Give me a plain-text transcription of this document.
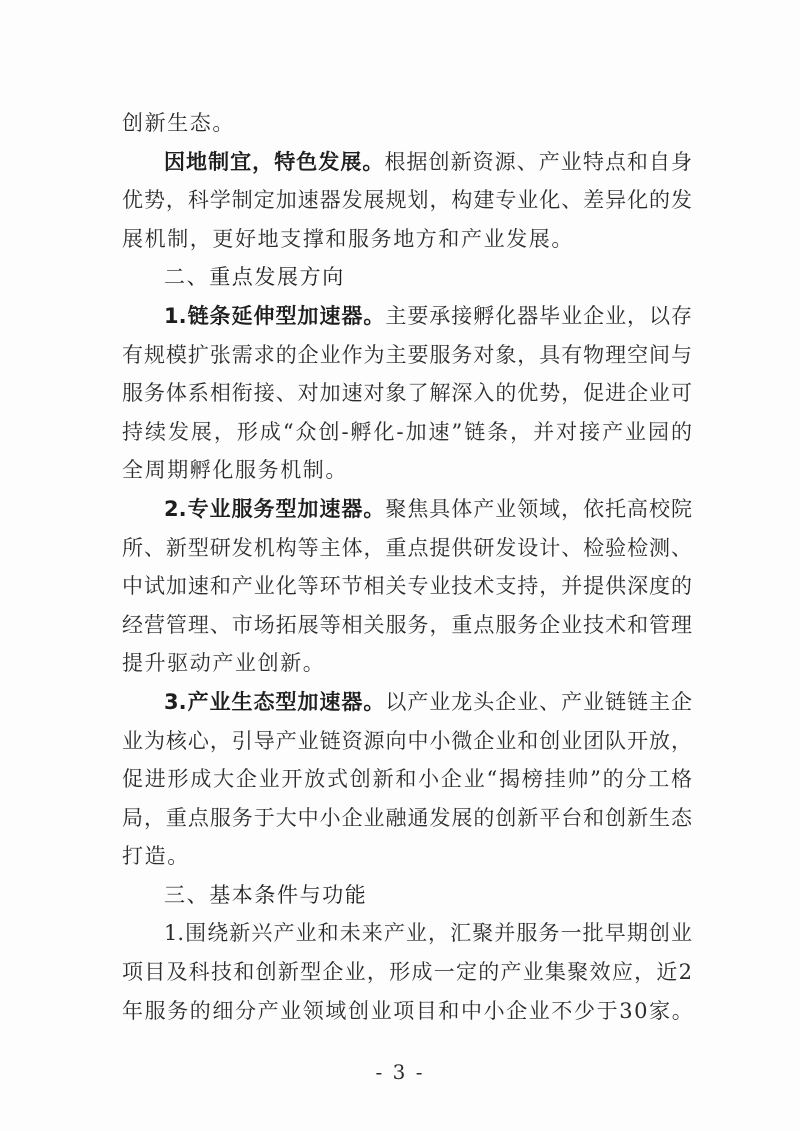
创新生态。
因地制宜，特色发展。根据创新资源、产业特点和自身
优势，科学制定加速器发展规划，构建专业化、差异化的发
展机制，更好地支撑和服务地方和产业发展。
二、重点发展方向
1.链条延伸型加速器。主要承接孵化器毕业企业，以存
有规模扩张需求的企业作为主要服务对象，具有物理空间与
服务体系相衔接、对加速对象了解深入的优势，促进企业可
持续发展，形成“众创-孵化-加速”链条，并对接产业园的
全周期孵化服务机制。
2.专业服务型加速器。聚焦具体产业领域，依托高校院
所、新型研发机构等主体，重点提供研发设计、检验检测、
中试加速和产业化等环节相关专业技术支持，并提供深度的
经营管理、市场拓展等相关服务，重点服务企业技术和管理
提升驱动产业创新。
3.产业生态型加速器。以产业龙头企业、产业链链主企
业为核心，引导产业链资源向中小微企业和创业团队开放，
促进形成大企业开放式创新和小企业“揭榜挂帅”的分工格
局，重点服务于大中小企业融通发展的创新平台和创新生态
打造。
三、基本条件与功能
1.围绕新兴产业和未来产业，汇聚并服务一批早期创业
项目及科技和创新型企业，形成一定的产业集聚效应，近2
年服务的细分产业领域创业项目和中小企业不少于30家。
- 3 -
